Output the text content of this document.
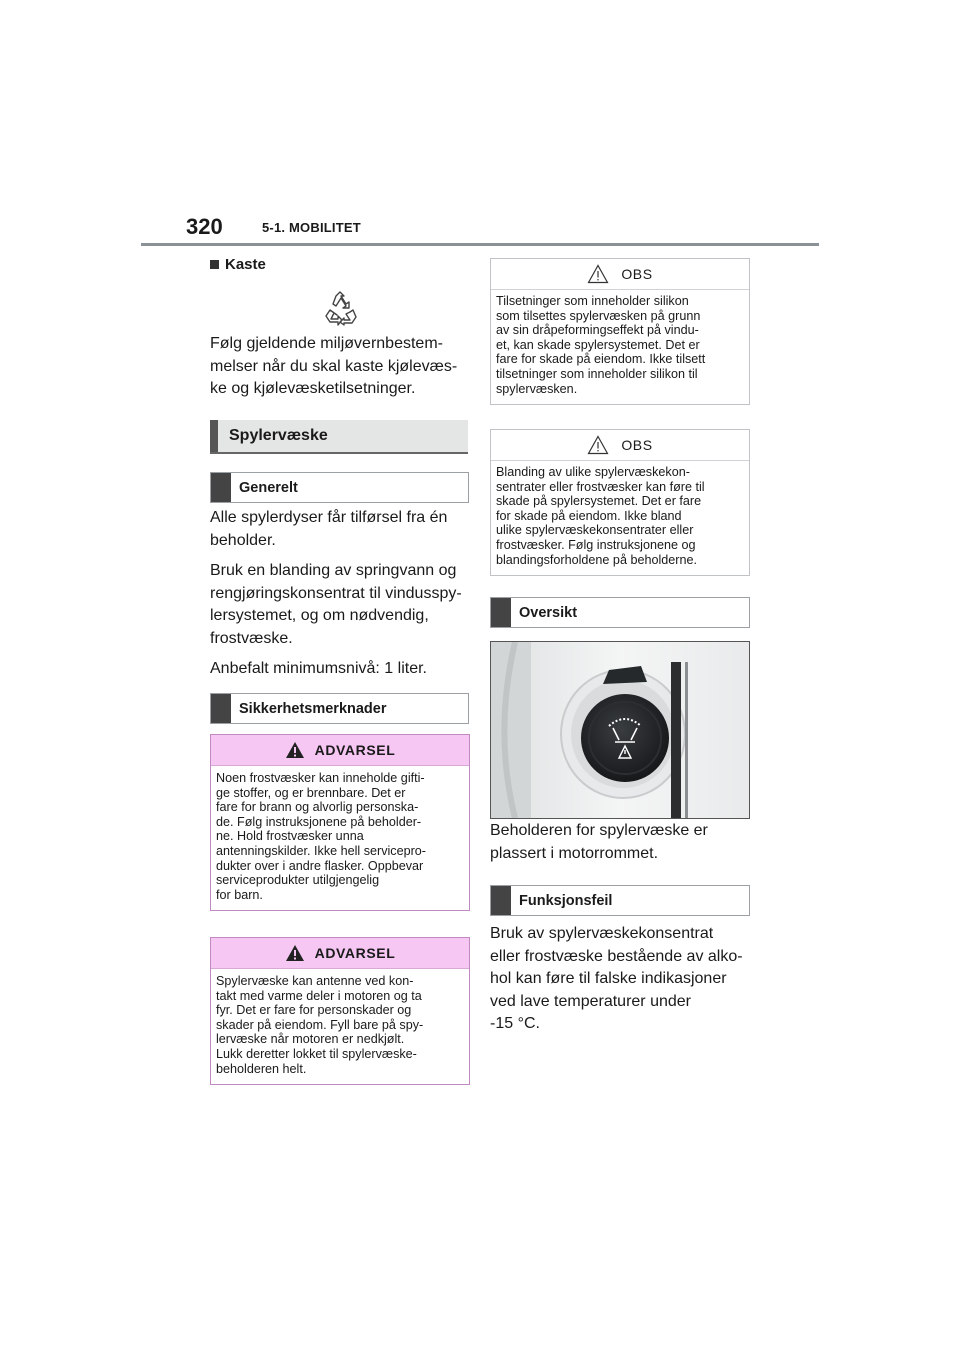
320	5-1. MOBILITET
Kaste
Følg gjeldende miljøvernbestem-
melser når du skal kaste kjølevæs-
ke og kjølevæsketilsetninger.
Spylervæske
Generelt

Alle spylerdyser får tilførsel fra én
beholder.

Bruk en blanding av springvann og
rengjøringskonsentrat til vindusspy-
lersystemet, og om nødvendig,
frostvæske.

Anbefalt minimumsnivå: 1 liter.

Sikkerhetsmerknader
ADVARSEL
Noen frostvæsker kan inneholde gifti-
ge stoffer, og er brennbare. Det er
fare for brann og alvorlig personska-
de. Følg instruksjonene på beholder-
ne. Hold frostvæsker unna
antenningskilder. Ikke hell servicepro-
dukter over i andre flasker. Oppbevar
serviceprodukter utilgjengelig
for barn.
ADVARSEL
Spylervæske kan antenne ved kon-
takt med varme deler i motoren og ta
fyr. Det er fare for personskader og
skader på eiendom. Fyll bare på spy-
lervæske når motoren er nedkjølt.
Lukk deretter lokket til spylervæske-
beholderen helt.
OBS
Tilsetninger som inneholder silikon
som tilsettes spylervæsken på grunn
av sin dråpeformingseffekt på vindu-
et, kan skade spylersystemet. Det er
fare for skade på eiendom. Ikke tilsett
tilsetninger som inneholder silikon til
spylervæsken.
OBS
Blanding av ulike spylervæskekon-
sentrater eller frostvæsker kan føre til
skade på spylersystemet. Det er fare
for skade på eiendom. Ikke bland
ulike spylervæskekonsentrater eller
frostvæsker. Følg instruksjonene og
blandingsforholdene på beholderne.
Oversikt
Beholderen for spylervæske er
plassert i motorrommet.
Funksjonsfeil
Bruk av spylervæskekonsentrat
eller frostvæske bestående av alko-
hol kan føre til falske indikasjoner
ved lave temperaturer under
-15 °C.
